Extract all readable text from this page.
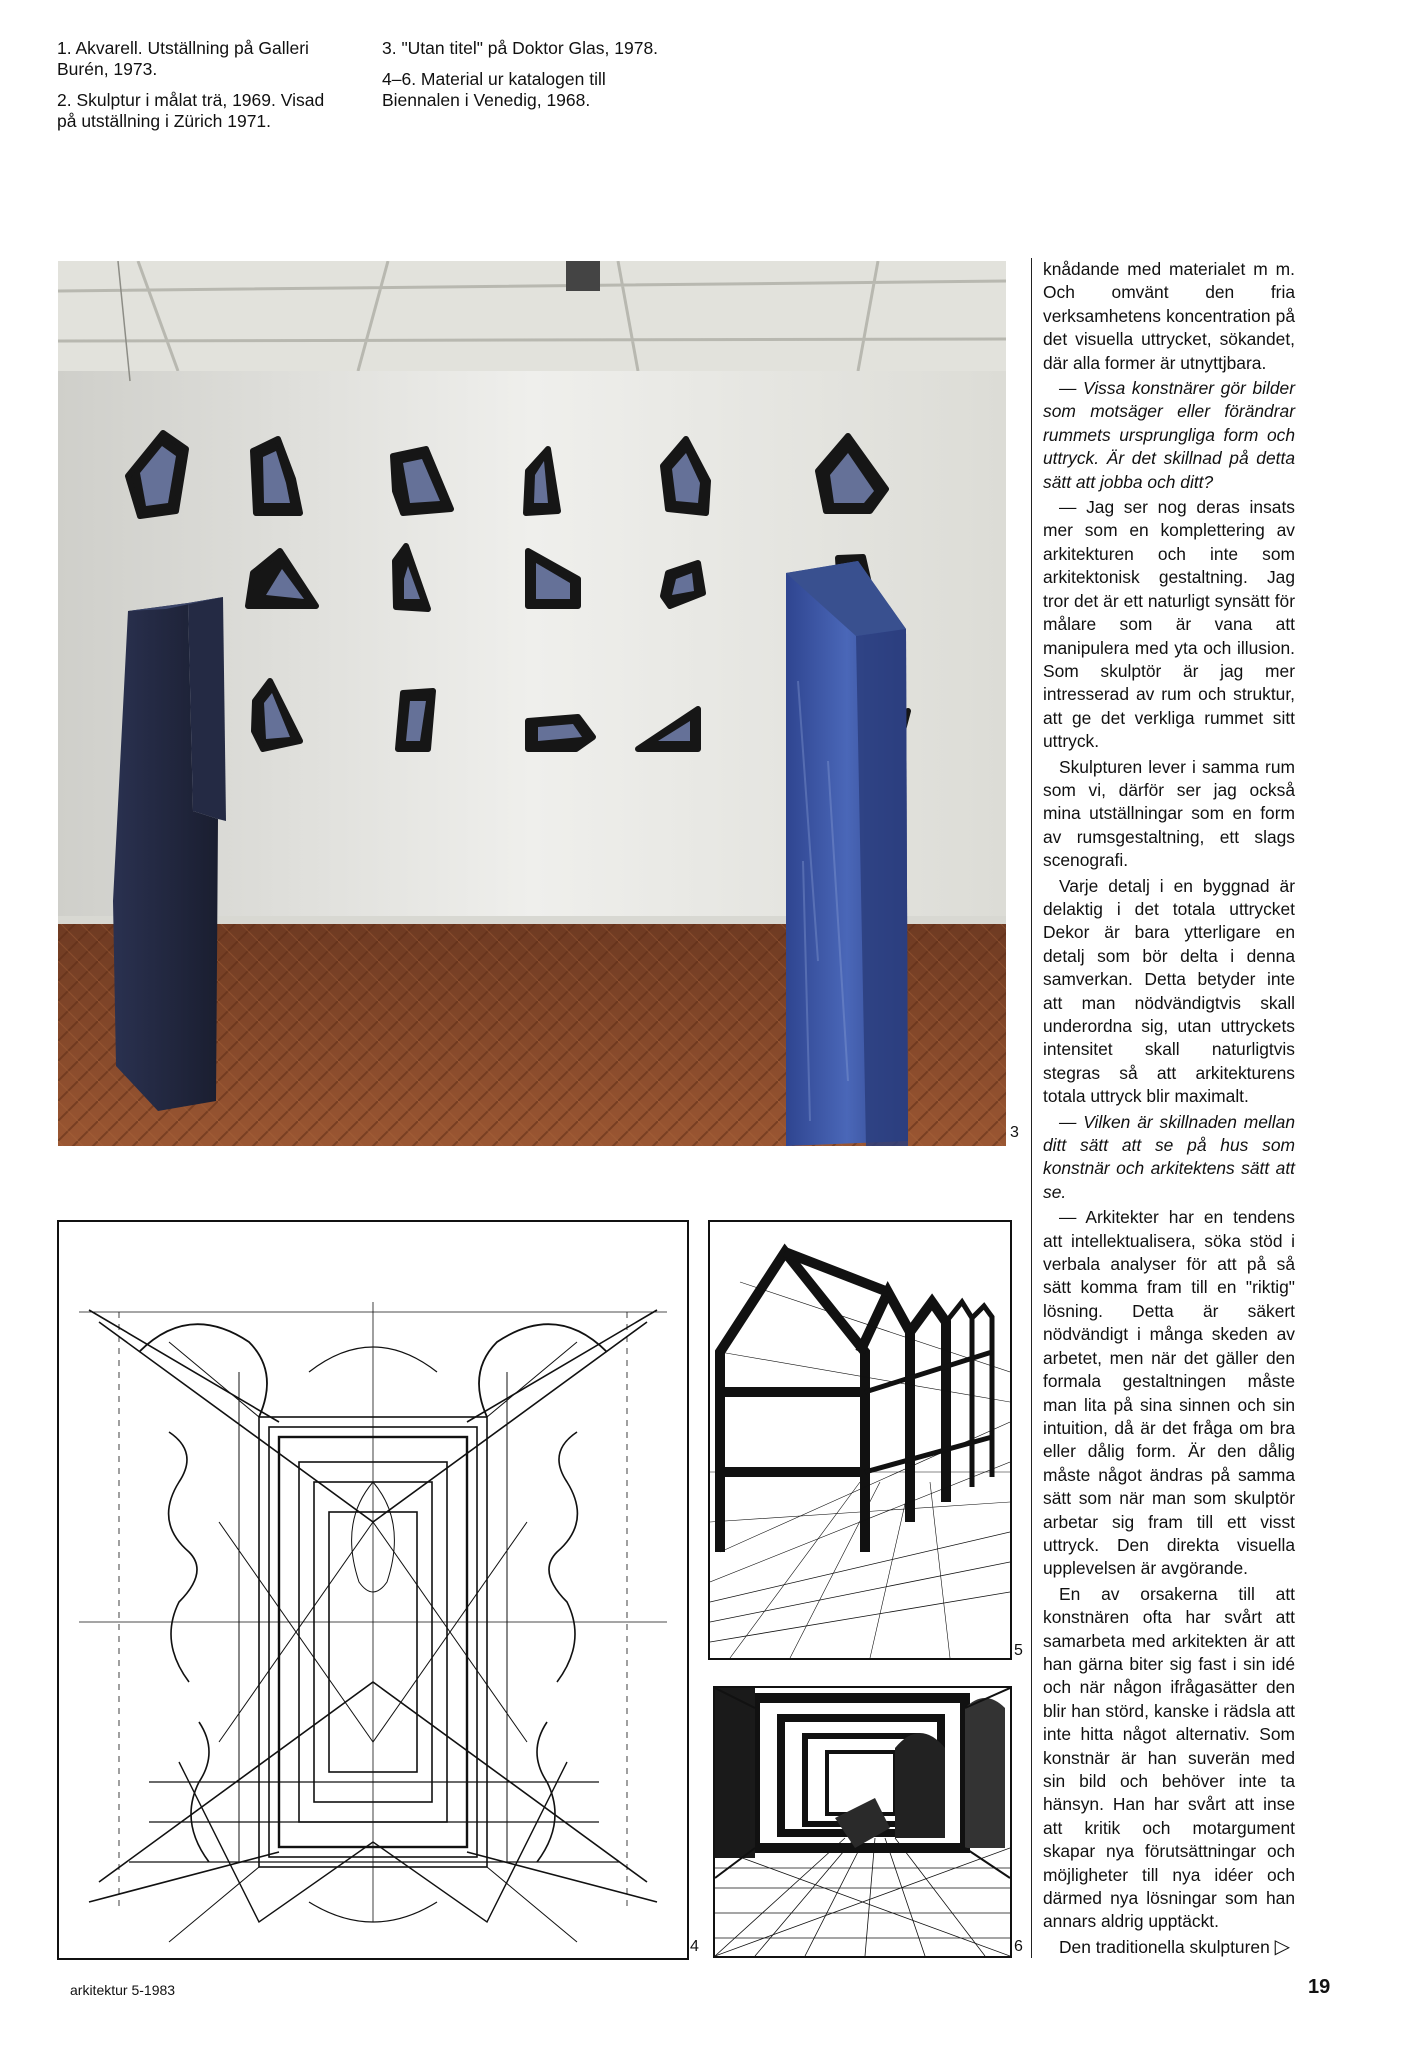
1. Akvarell. Utställning på Galleri Burén, 1973.

2. Skulptur i målat trä, 1969. Visad på utställning i Zürich 1971.

3. "Utan titel" på Doktor Glas, 1978.

4–6. Material ur katalogen till Biennalen i Venedig, 1968.

3
4
5
6

knådande med materialet m m. Och omvänt den fria verksamhetens koncentration på det visuella uttrycket, sökandet, där alla former är utnyttjbara.

— Vissa konstnärer gör bilder som motsäger eller förändrar rummets ursprungliga form och uttryck. Är det skillnad på detta sätt att jobba och ditt?

— Jag ser nog deras insats mer som en komplettering av arkitekturen och inte som arkitektonisk gestaltning. Jag tror det är ett naturligt synsätt för målare som är vana att manipulera med yta och illusion. Som skulptör är jag mer intresserad av rum och struktur, att ge det verkliga rummet sitt uttryck.

Skulpturen lever i samma rum som vi, därför ser jag också mina utställningar som en form av rumsgestaltning, ett slags scenografi.

Varje detalj i en byggnad är delaktig i det totala uttrycket Dekor är bara ytterligare en detalj som bör delta i denna samverkan. Detta betyder inte att man nödvändigtvis skall underordna sig, utan uttryckets intensitet skall naturligtvis stegras så att arkitekturens totala uttryck blir maximalt.

— Vilken är skillnaden mellan ditt sätt att se på hus som konstnär och arkitektens sätt att se.

— Arkitekter har en tendens att intellektualisera, söka stöd i verbala analyser för att på så sätt komma fram till en "riktig" lösning. Detta är säkert nödvändigt i många skeden av arbetet, men när det gäller den formala gestaltningen måste man lita på sina sinnen och sin intuition, då är det fråga om bra eller dålig form. Är den dålig måste något ändras på samma sätt som när man som skulptör arbetar sig fram till ett visst uttryck. Den direkta visuella upplevelsen är avgörande.

En av orsakerna till att konstnären ofta har svårt att samarbeta med arkitekten är att han gärna biter sig fast i sin idé och när någon ifrågasätter den blir han störd, kanske i rädsla att inte hitta något alternativ. Som konstnär är han suverän med sin bild och behöver inte ta hänsyn. Han har svårt att inse att kritik och motargument skapar nya förutsättningar och möjligheter till nya idéer och därmed nya lösningar som han annars aldrig upptäckt.

Den traditionella skulpturen ▷

arkitektur 5-1983	19
